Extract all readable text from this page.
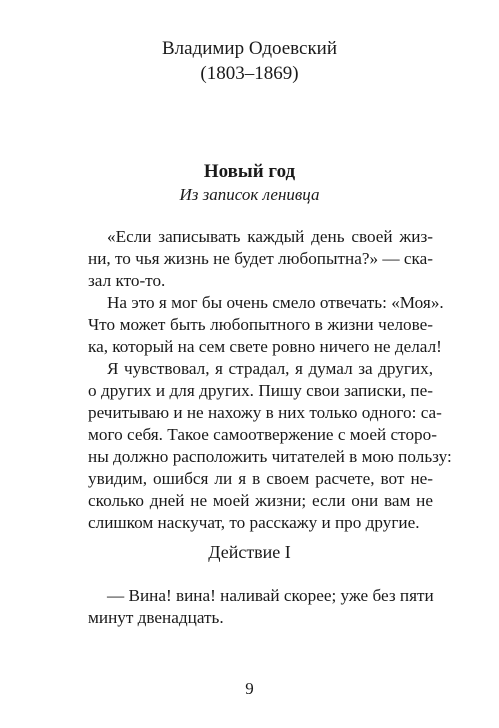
Владимир Одоевский
(1803–1869)
Новый год
Из записок ленивца
«Если записывать каждый день своей жиз-
ни, то чья жизнь не будет любопытна?» — ска-
зал кто-то.
На это я мог бы очень смело отвечать: «Моя».
Что может быть любопытного в жизни челове-
ка, который на сем свете ровно ничего не делал!
Я чувствовал, я страдал, я думал за других,
о других и для других. Пишу свои записки, пе-
речитываю и не нахожу в них только одного: са-
мого себя. Такое самоотвержение с моей сторо-
ны должно расположить читателей в мою пользу:
увидим, ошибся ли я в своем расчете, вот не-
сколько дней не моей жизни; если они вам не
слишком наскучат, то расскажу и про другие.
Действие I
— Вина! вина! наливай скорее; уже без пяти
минут двенадцать.
9
